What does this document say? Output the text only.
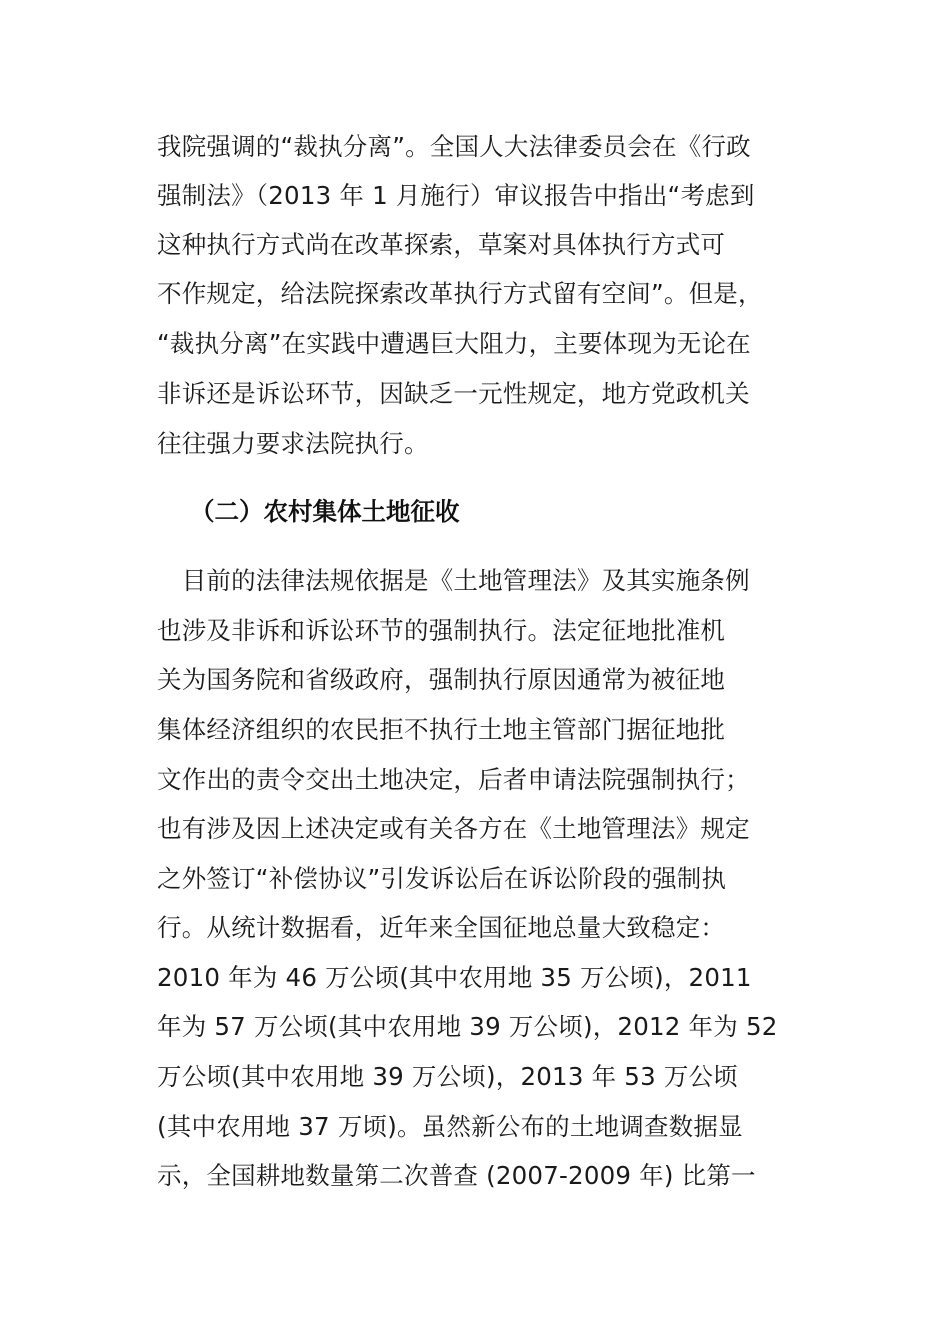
我院强调的“裁执分离”。全国人大法律委员会在《行政
强制法》（2013 年 1 月施行）审议报告中指出“考虑到
这种执行方式尚在改革探索，草案对具体执行方式可
不作规定，给法院探索改革执行方式留有空间”。但是，
“裁执分离”在实践中遭遇巨大阻力，主要体现为无论在
非诉还是诉讼环节，因缺乏一元性规定，地方党政机关
往往强力要求法院执行。
（二）农村集体土地征收
　目前的法律法规依据是《土地管理法》及其实施条例
也涉及非诉和诉讼环节的强制执行。法定征地批准机
关为国务院和省级政府，强制执行原因通常为被征地
集体经济组织的农民拒不执行土地主管部门据征地批
文作出的责令交出土地决定，后者申请法院强制执行；
也有涉及因上述决定或有关各方在《土地管理法》规定
之外签订“补偿协议”引发诉讼后在诉讼阶段的强制执
行。从统计数据看，近年来全国征地总量大致稳定：
2010 年为 46 万公顷(其中农用地 35 万公顷)，2011
年为 57 万公顷(其中农用地 39 万公顷)，2012 年为 52
万公顷(其中农用地 39 万公顷)，2013 年 53 万公顷
(其中农用地 37 万顷)。虽然新公布的土地调查数据显
示，全国耕地数量第二次普查 (2007-2009 年) 比第一
